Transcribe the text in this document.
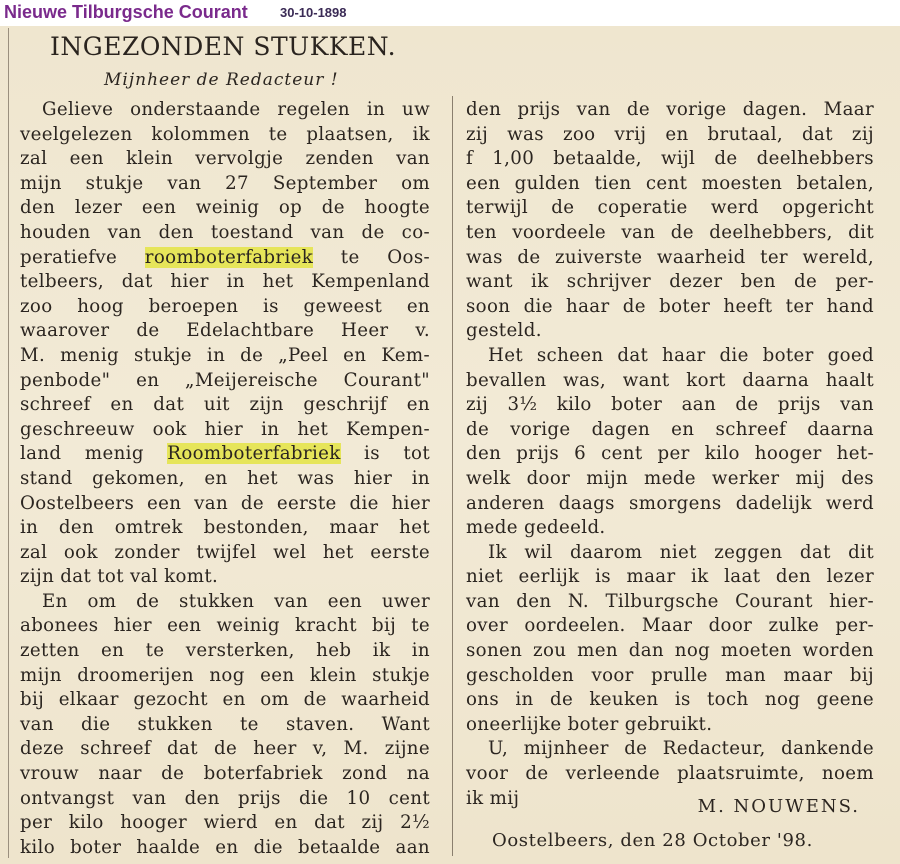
Nieuwe Tilburgsche Courant 30-10-1898
INGEZONDEN STUKKEN.
Mijnheer de Redacteur !
Gelieve onderstaande regelen in uw
veelgelezen kolommen te plaatsen, ik
zal een klein vervolgje zenden van
mijn stukje van 27 September om
den lezer een weinig op de hoogte
houden van den toestand van de co-
peratiefve roomboterfabriek te Oos-
telbeers, dat hier in het Kempenland
zoo hoog beroepen is geweest en
waarover de Edelachtbare Heer v.
M. menig stukje in de „Peel en Kem-
penbode" en „Meijereische Courant"
schreef en dat uit zijn geschrijf en
geschreeuw ook hier in het Kempen-
land menig Roomboterfabriek is tot
stand gekomen, en het was hier in
Oostelbeers een van de eerste die hier
in den omtrek bestonden, maar het
zal ook zonder twijfel wel het eerste
zijn dat tot val komt.
En om de stukken van een uwer
abonees hier een weinig kracht bij te
zetten en te versterken, heb ik in
mijn droomerijen nog een klein stukje
bij elkaar gezocht en om de waarheid
van die stukken te staven. Want
deze schreef dat de heer v, M. zijne
vrouw naar de boterfabriek zond na
ontvangst van den prijs die 10 cent
per kilo hooger wierd en dat zij 2½
kilo boter haalde en die betaalde aan
den prijs van de vorige dagen. Maar
zij was zoo vrij en brutaal, dat zij
f 1,00 betaalde, wijl de deelhebbers
een gulden tien cent moesten betalen,
terwijl de coperatie werd opgericht
ten voordeele van de deelhebbers, dit
was de zuiverste waarheid ter wereld,
want ik schrijver dezer ben de per-
soon die haar de boter heeft ter hand
gesteld.
Het scheen dat haar die boter goed
bevallen was, want kort daarna haalt
zij 3½ kilo boter aan de prijs van
de vorige dagen en schreef daarna
den prijs 6 cent per kilo hooger het-
welk door mijn mede werker mij des
anderen daags smorgens dadelijk werd
mede gedeeld.
Ik wil daarom niet zeggen dat dit
niet eerlijk is maar ik laat den lezer
van den N. Tilburgsche Courant hier-
over oordeelen. Maar door zulke per-
sonen zou men dan nog moeten worden
gescholden voor prulle man maar bij
ons in de keuken is toch nog geene
oneerlijke boter gebruikt.
U, mijnheer de Redacteur, dankende
voor de verleende plaatsruimte, noem
ik mij	M. NOUWENS.
Oostelbeers, den 28 October '98.
